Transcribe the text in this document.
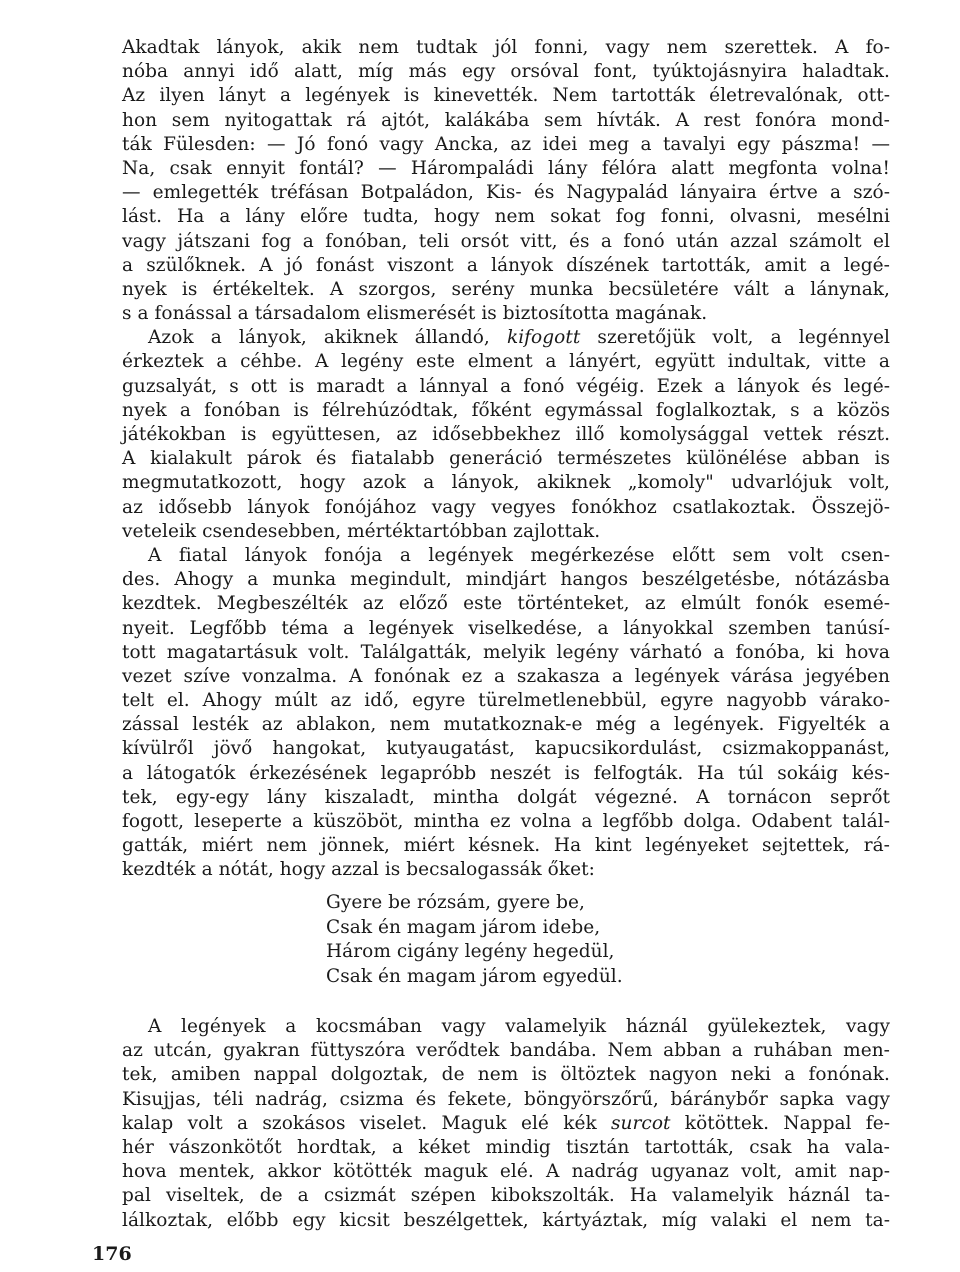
Akadtak lányok, akik nem tudtak jól fonni, vagy nem szerettek. A fo-
nóba annyi idő alatt, míg más egy orsóval font, tyúktojásnyira haladtak.
Az ilyen lányt a legények is kinevették. Nem tartották életrevalónak, ott-
hon sem nyitogattak rá ajtót, kalákába sem hívták. A rest fonóra mond-
ták Fülesden: — Jó fonó vagy Ancka, az idei meg a tavalyi egy pászma! —
Na, csak ennyit fontál? — Hárompaládi lány félóra alatt megfonta volna!
— emlegették tréfásan Botpaládon, Kis- és Nagypalád lányaira értve a szó-
lást. Ha a lány előre tudta, hogy nem sokat fog fonni, olvasni, mesélni
vagy játszani fog a fonóban, teli orsót vitt, és a fonó után azzal számolt el
a szülőknek. A jó fonást viszont a lányok díszének tartották, amit a legé-
nyek is értékeltek. A szorgos, serény munka becsületére vált a lánynak,
s a fonással a társadalom elismerését is biztosította magának.
Azok a lányok, akiknek állandó, kifogott szeretőjük volt, a legénnyel
érkeztek a céhbe. A legény este elment a lányért, együtt indultak, vitte a
guzsalyát, s ott is maradt a lánnyal a fonó végéig. Ezek a lányok és legé-
nyek a fonóban is félrehúzódtak, főként egymással foglalkoztak, s a közös
játékokban is együttesen, az idősebbekhez illő komolysággal vettek részt.
A kialakult párok és fiatalabb generáció természetes különélése abban is
megmutatkozott, hogy azok a lányok, akiknek „komoly" udvarlójuk volt,
az idősebb lányok fonójához vagy vegyes fonókhoz csatlakoztak. Összejö-
veteleik csendesebben, mértéktartóbban zajlottak.
A fiatal lányok fonója a legények megérkezése előtt sem volt csen-
des. Ahogy a munka megindult, mindjárt hangos beszélgetésbe, nótázásba
kezdtek. Megbeszélték az előző este történteket, az elmúlt fonók esemé-
nyeit. Legfőbb téma a legények viselkedése, a lányokkal szemben tanúsí-
tott magatartásuk volt. Találgatták, melyik legény várható a fonóba, ki hova
vezet szíve vonzalma. A fonónak ez a szakasza a legények várása jegyében
telt el. Ahogy múlt az idő, egyre türelmetlenebbül, egyre nagyobb várako-
zással lesték az ablakon, nem mutatkoznak-e még a legények. Figyelték a
kívülről jövő hangokat, kutyaugatást, kapucsikordulást, csizmakoppanást,
a látogatók érkezésének legapróbb neszét is felfogták. Ha túl sokáig kés-
tek, egy-egy lány kiszaladt, mintha dolgát végezné. A tornácon seprőt
fogott, leseperte a küszöböt, mintha ez volna a legfőbb dolga. Odabent talál-
gatták, miért nem jönnek, miért késnek. Ha kint legényeket sejtettek, rá-
kezdték a nótát, hogy azzal is becsalogassák őket:
Gyere be rózsám, gyere be,
Csak én magam járom idebe,
Három cigány legény hegedül,
Csak én magam járom egyedül.
A legények a kocsmában vagy valamelyik háznál gyülekeztek, vagy
az utcán, gyakran füttyszóra verődtek bandába. Nem abban a ruhában men-
tek, amiben nappal dolgoztak, de nem is öltöztek nagyon neki a fonónak.
Kisujjas, téli nadrág, csizma és fekete, böngyörszőrű, báránybőr sapka vagy
kalap volt a szokásos viselet. Maguk elé kék surcot kötöttek. Nappal fe-
hér vászonkötőt hordtak, a kéket mindig tisztán tartották, csak ha vala-
hova mentek, akkor kötötték maguk elé. A nadrág ugyanaz volt, amit nap-
pal viseltek, de a csizmát szépen kibokszolták. Ha valamelyik háznál ta-
lálkoztak, előbb egy kicsit beszélgettek, kártyáztak, míg valaki el nem ta-
176
